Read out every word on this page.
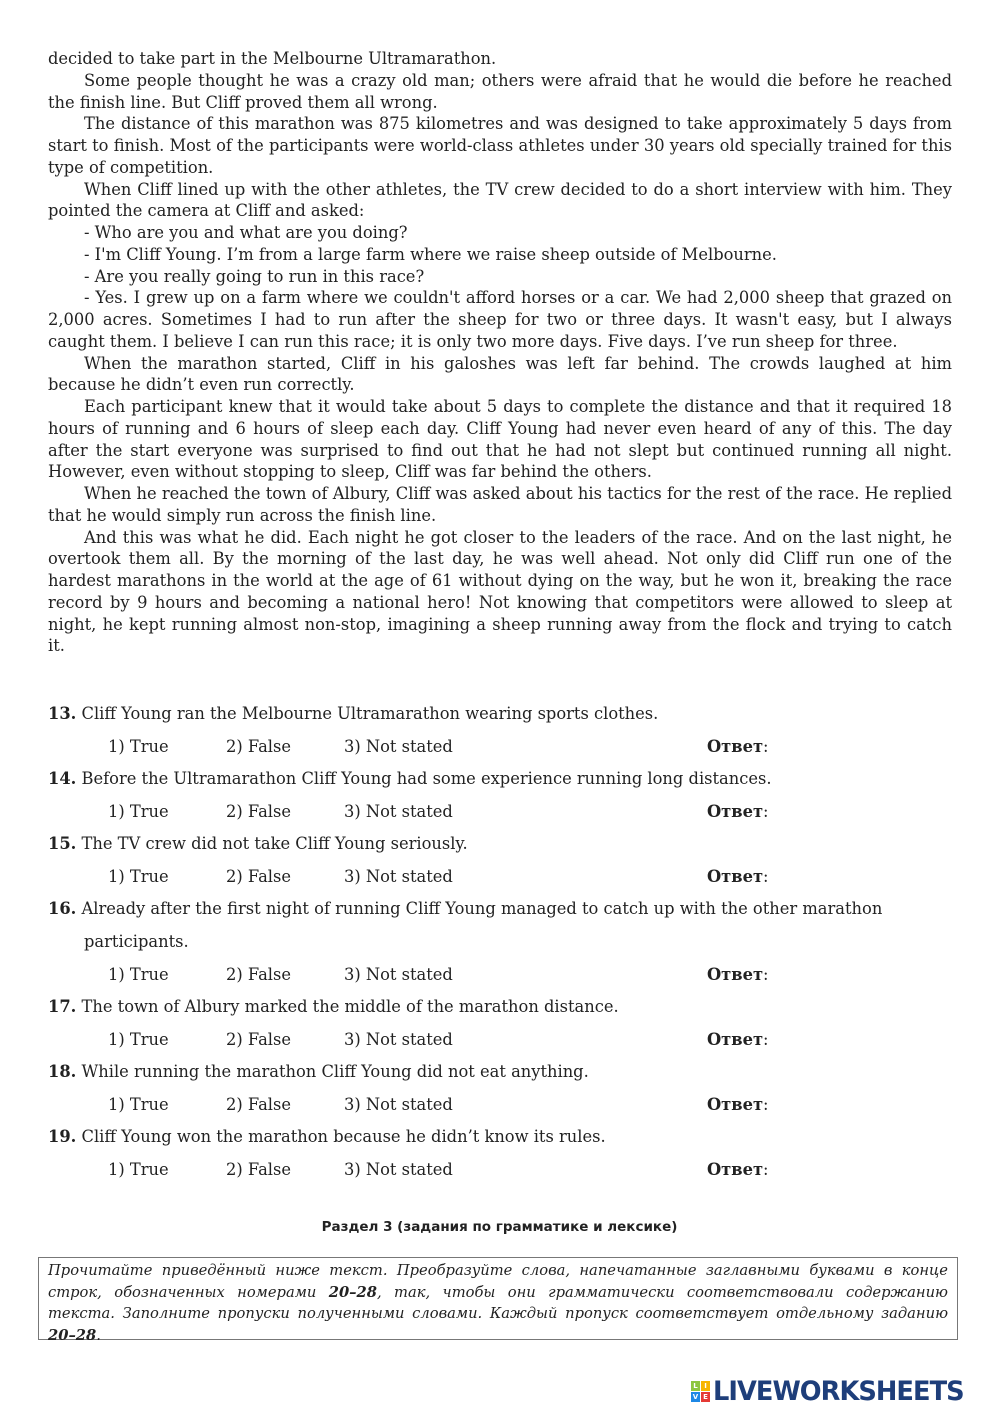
decided to take part in the Melbourne Ultramarathon.

Some people thought he was a crazy old man; others were afraid that he would die before he reached the finish line. But Cliff proved them all wrong.

The distance of this marathon was 875 kilometres and was designed to take approximately 5 days from start to finish. Most of the participants were world-class athletes under 30 years old specially trained for this type of competition.

When Cliff lined up with the other athletes, the TV crew decided to do a short interview with him. They pointed the camera at Cliff and asked:

- Who are you and what are you doing?

- I'm Cliff Young. I’m from a large farm where we raise sheep outside of Melbourne.

- Are you really going to run in this race?

- Yes. I grew up on a farm where we couldn't afford horses or a car. We had 2,000 sheep that grazed on 2,000 acres. Sometimes I had to run after the sheep for two or three days. It wasn't easy, but I always caught them. I believe I can run this race; it is only two more days. Five days. I’ve run sheep for three.

When the marathon started, Cliff in his galoshes was left far behind. The crowds laughed at him because he didn’t even run correctly.

Each participant knew that it would take about 5 days to complete the distance and that it required 18 hours of running and 6 hours of sleep each day. Cliff Young had never even heard of any of this. The day after the start everyone was surprised to find out that he had not slept but continued running all night. However, even without stopping to sleep, Cliff was far behind the others.

When he reached the town of Albury, Cliff was asked about his tactics for the rest of the race. He replied that he would simply run across the finish line.

And this was what he did. Each night he got closer to the leaders of the race. And on the last night, he overtook them all. By the morning of the last day, he was well ahead. Not only did Cliff run one of the hardest marathons in the world at the age of 61 without dying on the way, but he won it, breaking the race record by 9 hours and becoming a national hero! Not knowing that competitors were allowed to sleep at night, he kept running almost non-stop, imagining a sheep running away from the flock and trying to catch it.

13. Cliff Young ran the Melbourne Ultramarathon wearing sports clothes.
1) True	2) False	3) Not stated	Ответ :
14. Before the Ultramarathon Cliff Young had some experience running long distances.
1) True	2) False	3) Not stated	Ответ :
15. The TV crew did not take Cliff Young seriously.
1) True	2) False	3) Not stated	Ответ :
16. Already after the first night of running Cliff Young managed to catch up with the other marathon participants.
1) True	2) False	3) Not stated	Ответ :
17. The town of Albury marked the middle of the marathon distance.
1) True	2) False	3) Not stated	Ответ :
18. While running the marathon Cliff Young did not eat anything.
1) True	2) False	3) Not stated	Ответ :
19. Cliff Young won the marathon because he didn’t know its rules.
1) True	2) False	3) Not stated	Ответ :
Раздел 3 (задания по грамматике и лексике)
Прочитайте приведённый ниже текст. Преобразуйте слова, напечатанные заглавными буквами в конце строк, обозначенных номерами 20–28, так, чтобы они грамматически соответствовали содержанию текста. Заполните пропуски полученными словами. Каждый пропуск соответствует отдельному заданию 20–28.
L I
V E LIVEWORKSHEETS
